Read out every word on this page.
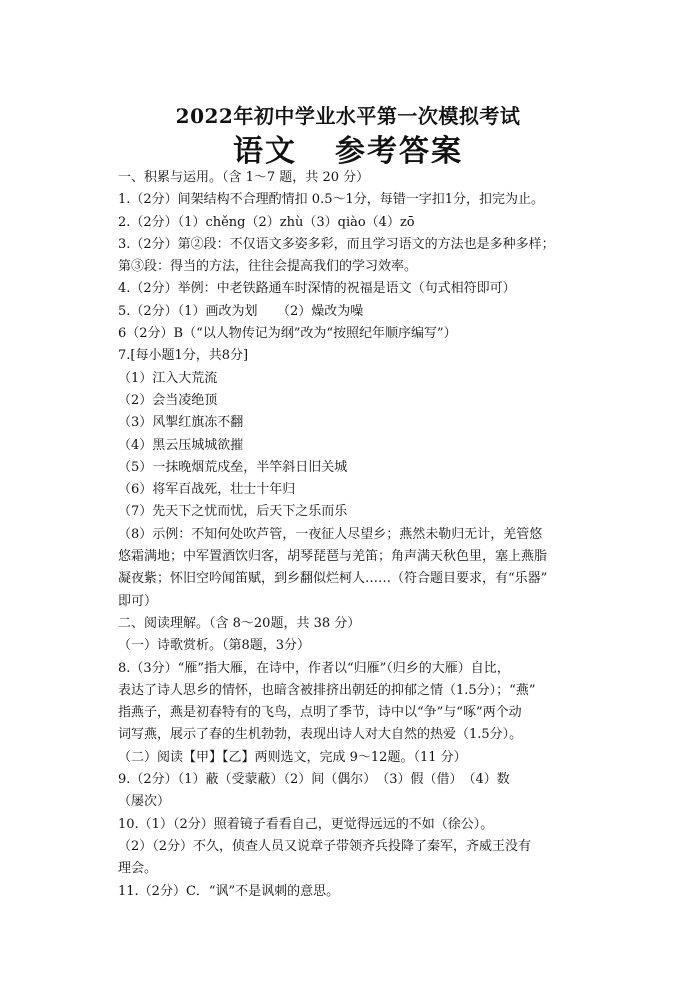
2022年初中学业水平第一次模拟考试
语文 参考答案
一、积累与运用。（含 1～7 题，共 20 分）
1.（2分）间架结构不合理酌情扣 0.5～1分，每错一字扣1分，扣完为止。
2.（2分）（1）chěng（2）zhù（3）qiào（4）zō
3.（2分）第②段：不仅语文多姿多彩，而且学习语文的方法也是多种多样；
第③段：得当的方法，往往会提高我们的学习效率。
4.（2分）举例：中老铁路通车时深情的祝福是语文（句式相符即可）
5.（2分）（1）画改为划　　（2）燥改为噪
6（2分）B（“以人物传记为纲”改为“按照纪年顺序编写”）
7.[每小题1分，共8分]
（1）江入大荒流
（2）会当凌绝顶
（3）风掣红旗冻不翻
（4）黑云压城城欲摧
（5）一抹晚烟荒戍垒，半竿斜日旧关城
（6）将军百战死，壮士十年归
（7）先天下之忧而忧，后天下之乐而乐
（8）示例：不知何处吹芦管，一夜征人尽望乡；燕然未勒归无计，羌管悠
悠霜满地；中军置酒饮归客，胡琴琵琶与羌笛；角声满天秋色里，塞上燕脂
凝夜紫；怀旧空吟闻笛赋，到乡翻似烂柯人……（符合题目要求，有“乐器”
即可）
二、阅读理解。（含 8～20题，共 38 分）
（一）诗歌赏析。（第8题，3分）
8.（3分）“雁”指大雁，在诗中，作者以“归雁”（归乡的大雁）自比，
表达了诗人思乡的情怀，也暗含被排挤出朝廷的抑郁之情（1.5分）；“燕”
指燕子，燕是初春特有的飞鸟，点明了季节，诗中以“争”与“啄”两个动
词写燕，展示了春的生机勃勃，表现出诗人对大自然的热爱（1.5分）。
（二）阅读【甲】【乙】两则选文，完成 9～12题。（11 分）
9.（2分）（1）蔽（受蒙蔽）（2）间（偶尔）　（3）假（借）　（4）数
（屡次）
10.（1）（2分）照着镜子看看自己，更觉得远远的不如（徐公）。
（2）（2分）不久，侦查人员又说章子带领齐兵投降了秦军，齐威王没有
理会。
11.（2分）C．“讽”不是讽刺的意思。
